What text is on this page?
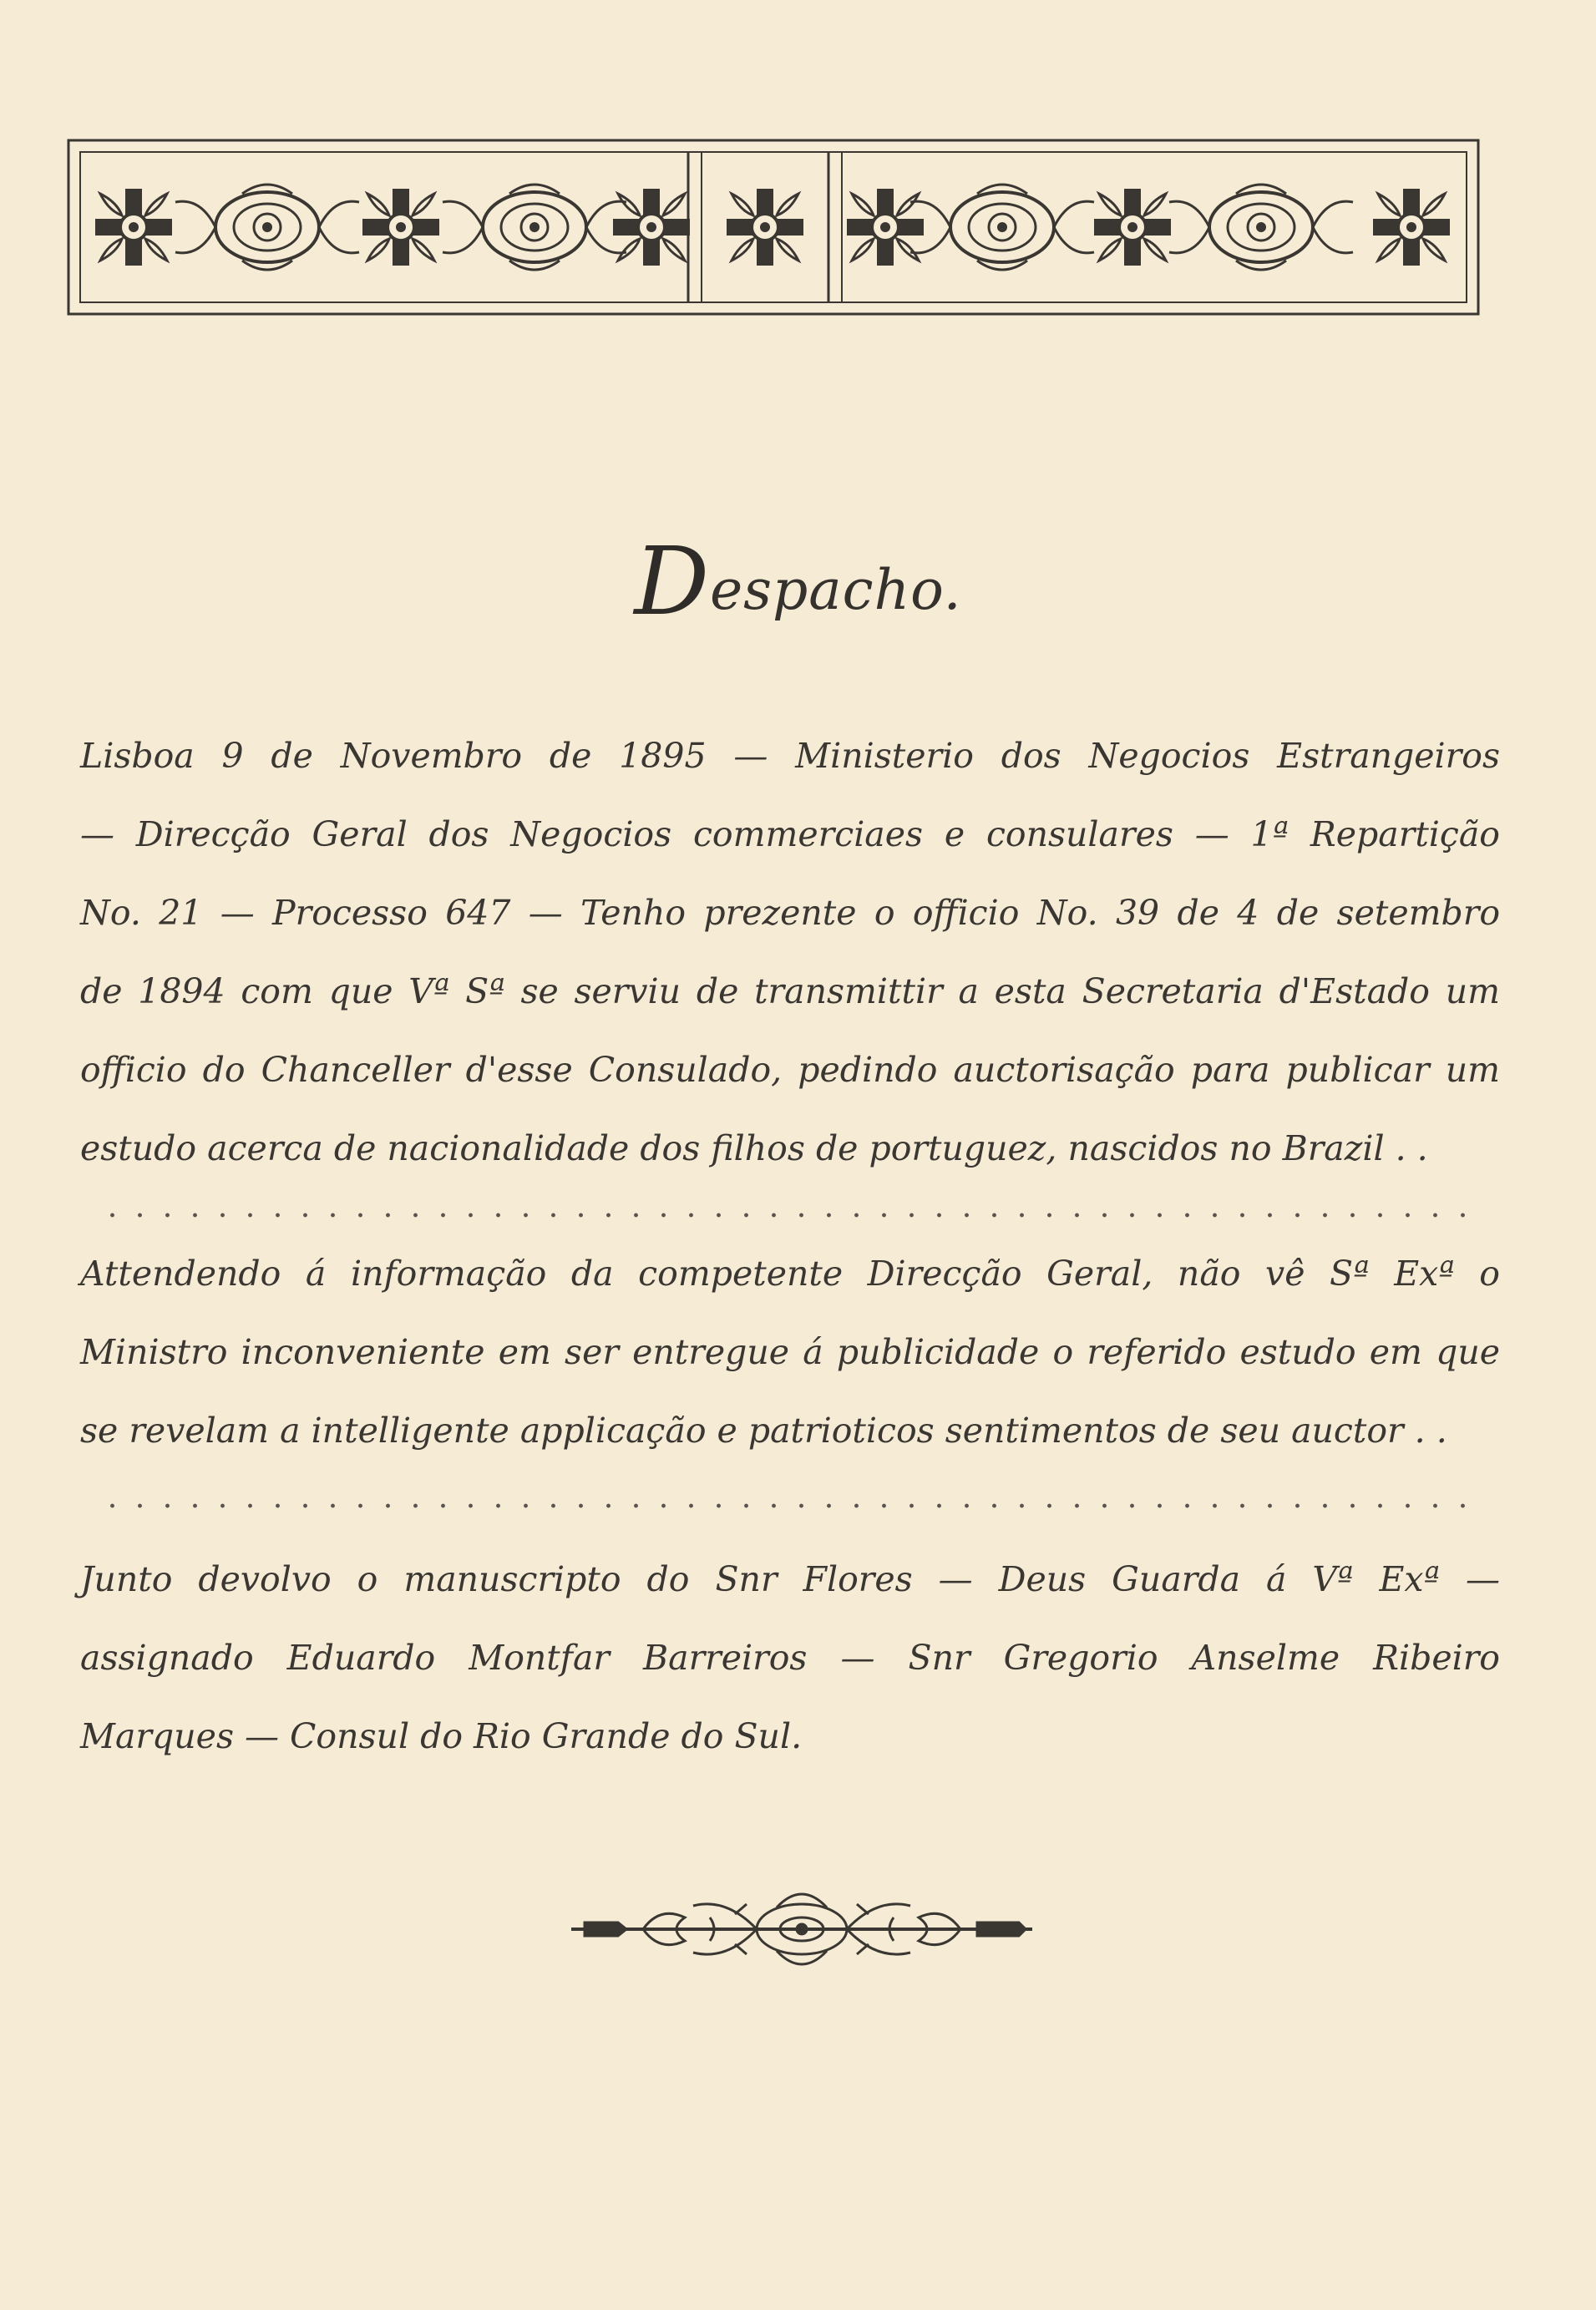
Despacho.
Lisboa 9 de Novembro de 1895 — Ministerio dos Negocios Estrangeiros
— Direcção Geral dos Negocios commerciaes e consulares — 1ª Repartição
No. 21 — Processo 647 — Tenho prezente o officio No. 39 de 4 de setembro
de 1894 com que Vª Sª se serviu de transmittir a esta Secretaria d'Estado um
officio do Chanceller d'esse Consulado, pedindo auctorisação para publicar um
estudo acerca de nacionalidade dos filhos de portuguez, nascidos no Brazil . .
Attendendo á informação da competente Direcção Geral, não vê Sª Exª o
Ministro inconveniente em ser entregue á publicidade o referido estudo em que
se revelam a intelligente applicação e patrioticos sentimentos de seu auctor . .
Junto devolvo o manuscripto do Snr Flores — Deus Guarda á Vª Exª —
assignado Eduardo Montfar Barreiros — Snr Gregorio Anselme Ribeiro
Marques — Consul do Rio Grande do Sul.
